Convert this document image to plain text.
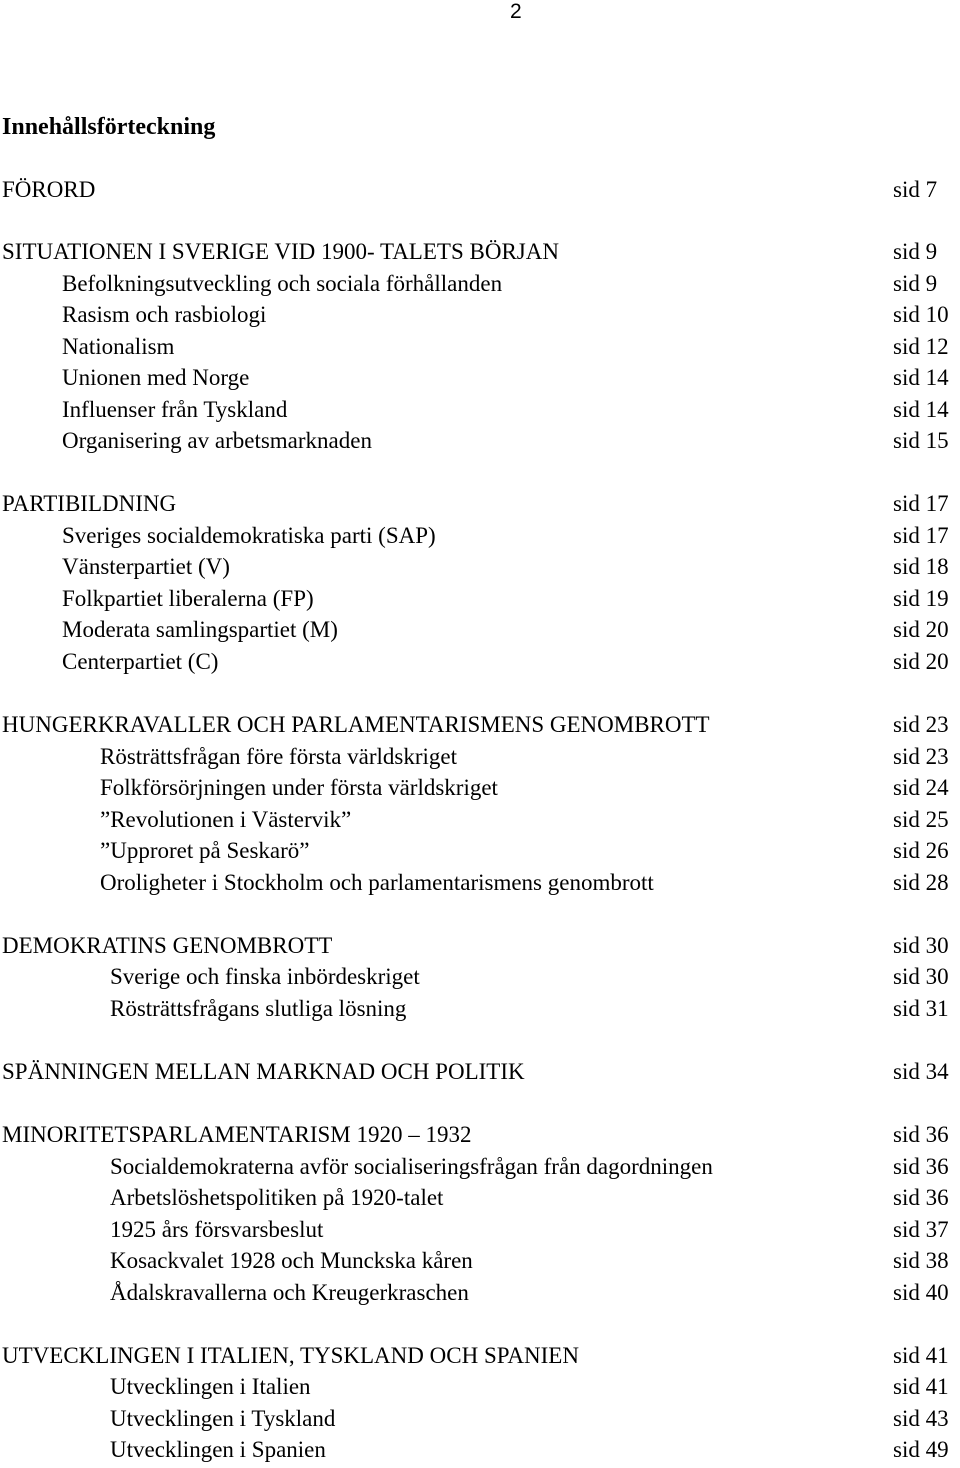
2
Innehållsförteckning
FÖRORD	sid 7
SITUATIONEN I SVERIGE VID 1900- TALETS BÖRJAN	sid 9
Befolkningsutveckling och sociala förhållanden	sid 9
Rasism och rasbiologi	sid 10
Nationalism	sid 12
Unionen med Norge	sid 14
Influenser från Tyskland	sid 14
Organisering av arbetsmarknaden	sid 15
PARTIBILDNING	sid 17
Sveriges socialdemokratiska parti (SAP)	sid 17
Vänsterpartiet (V)	sid 18
Folkpartiet liberalerna (FP)	sid 19
Moderata samlingspartiet (M)	sid 20
Centerpartiet (C)	sid 20
HUNGERKRAVALLER OCH PARLAMENTARISMENS GENOMBROTT	sid 23
Rösträttsfrågan före första världskriget	sid 23
Folkförsörjningen under första världskriget	sid 24
”Revolutionen i Västervik”	sid 25
”Upproret på Seskarö”	sid 26
Oroligheter i Stockholm och parlamentarismens genombrott	sid 28
DEMOKRATINS GENOMBROTT	sid 30
Sverige och finska inbördeskriget	sid 30
Rösträttsfrågans slutliga lösning	sid 31
SPÄNNINGEN MELLAN MARKNAD OCH POLITIK	sid 34
MINORITETSPARLAMENTARISM 1920 – 1932	sid 36
Socialdemokraterna avför socialiseringsfrågan från dagordningen	sid 36
Arbetslöshetspolitiken på 1920-talet	sid 36
1925 års försvarsbeslut	sid 37
Kosackvalet 1928 och Munckska kåren	sid 38
Ådalskravallerna och Kreugerkraschen	sid 40
UTVECKLINGEN I ITALIEN, TYSKLAND OCH SPANIEN	sid 41
Utvecklingen i Italien	sid 41
Utvecklingen i Tyskland	sid 43
Utvecklingen i Spanien	sid 49
